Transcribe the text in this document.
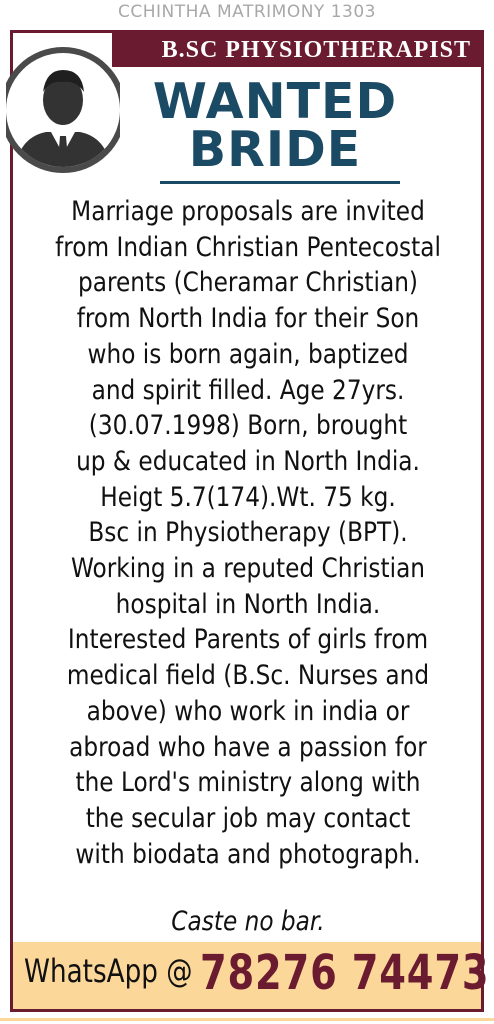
CCHINTHA MATRIMONY 1303
B.SC PHYSIOTHERAPIST
WANTED
BRIDE
Marriage proposals are invited
from Indian Christian Pentecostal
parents (Cheramar Christian)
from North India for their Son
who is born again, baptized
and spirit filled. Age 27yrs.
(30.07.1998) Born, brought
up & educated in North India.
Heigt 5.7(174).Wt. 75 kg.
Bsc in Physiotherapy (BPT).
Working in a reputed Christian
hospital in North India.
Interested Parents of girls from
medical field (B.Sc. Nurses and
above) who work in india or
abroad who have a passion for
the Lord's ministry along with
the secular job may contact
with biodata and photograph.
Caste no bar.
WhatsApp @ 78276 74473
